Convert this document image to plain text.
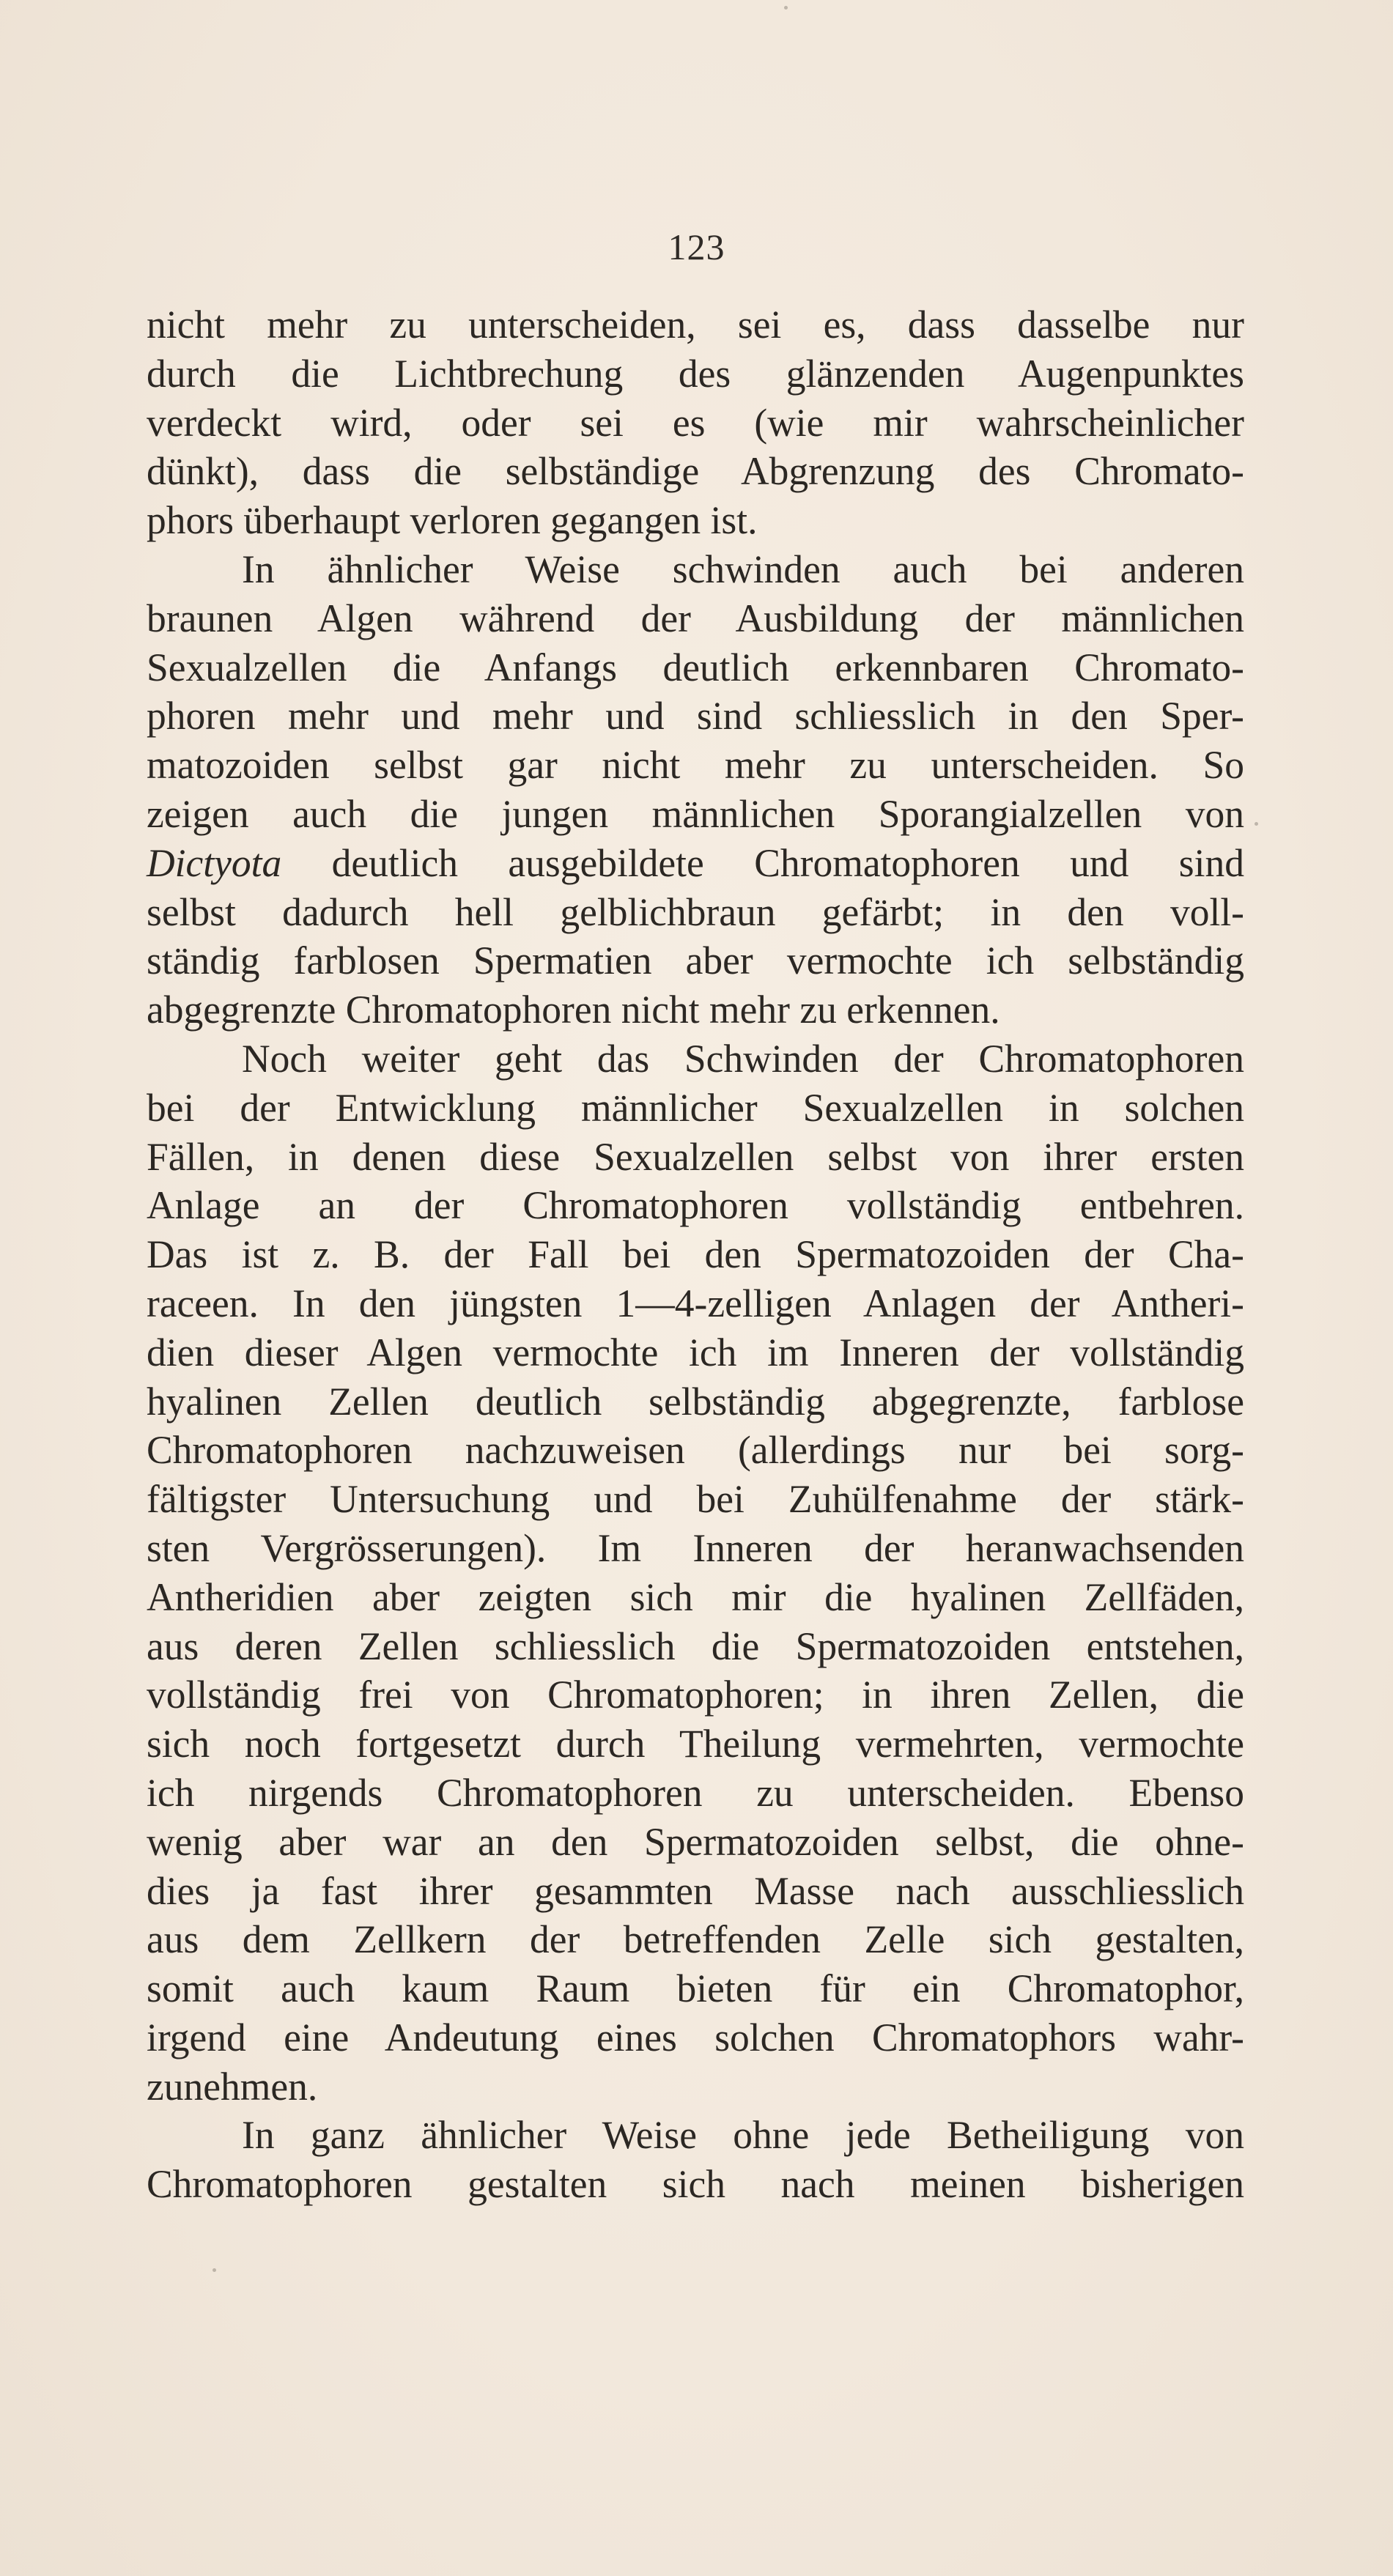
123
nicht mehr zu unterscheiden, sei es, dass dasselbe nur
durch die Lichtbrechung des glänzenden Augenpunktes
verdeckt wird, oder sei es (wie mir wahrscheinlicher
dünkt), dass die selbständige Abgrenzung des Chromato-
phors überhaupt verloren gegangen ist.
In ähnlicher Weise schwinden auch bei anderen
braunen Algen während der Ausbildung der männlichen
Sexualzellen die Anfangs deutlich erkennbaren Chromato-
phoren mehr und mehr und sind schliesslich in den Sper-
matozoiden selbst gar nicht mehr zu unterscheiden. So
zeigen auch die jungen männlichen Sporangialzellen von
Dictyota deutlich ausgebildete Chromatophoren und sind
selbst dadurch hell gelblichbraun gefärbt; in den voll-
ständig farblosen Spermatien aber vermochte ich selbständig
abgegrenzte Chromatophoren nicht mehr zu erkennen.
Noch weiter geht das Schwinden der Chromatophoren
bei der Entwicklung männlicher Sexualzellen in solchen
Fällen, in denen diese Sexualzellen selbst von ihrer ersten
Anlage an der Chromatophoren vollständig entbehren.
Das ist z. B. der Fall bei den Spermatozoiden der Cha-
raceen. In den jüngsten 1—4-zelligen Anlagen der Antheri-
dien dieser Algen vermochte ich im Inneren der vollständig
hyalinen Zellen deutlich selbständig abgegrenzte, farblose
Chromatophoren nachzuweisen (allerdings nur bei sorg-
fältigster Untersuchung und bei Zuhülfenahme der stärk-
sten Vergrösserungen). Im Inneren der heranwachsenden
Antheridien aber zeigten sich mir die hyalinen Zellfäden,
aus deren Zellen schliesslich die Spermatozoiden entstehen,
vollständig frei von Chromatophoren; in ihren Zellen, die
sich noch fortgesetzt durch Theilung vermehrten, vermochte
ich nirgends Chromatophoren zu unterscheiden. Ebenso
wenig aber war an den Spermatozoiden selbst, die ohne-
dies ja fast ihrer gesammten Masse nach ausschliesslich
aus dem Zellkern der betreffenden Zelle sich gestalten,
somit auch kaum Raum bieten für ein Chromatophor,
irgend eine Andeutung eines solchen Chromatophors wahr-
zunehmen.
In ganz ähnlicher Weise ohne jede Betheiligung von
Chromatophoren gestalten sich nach meinen bisherigen
